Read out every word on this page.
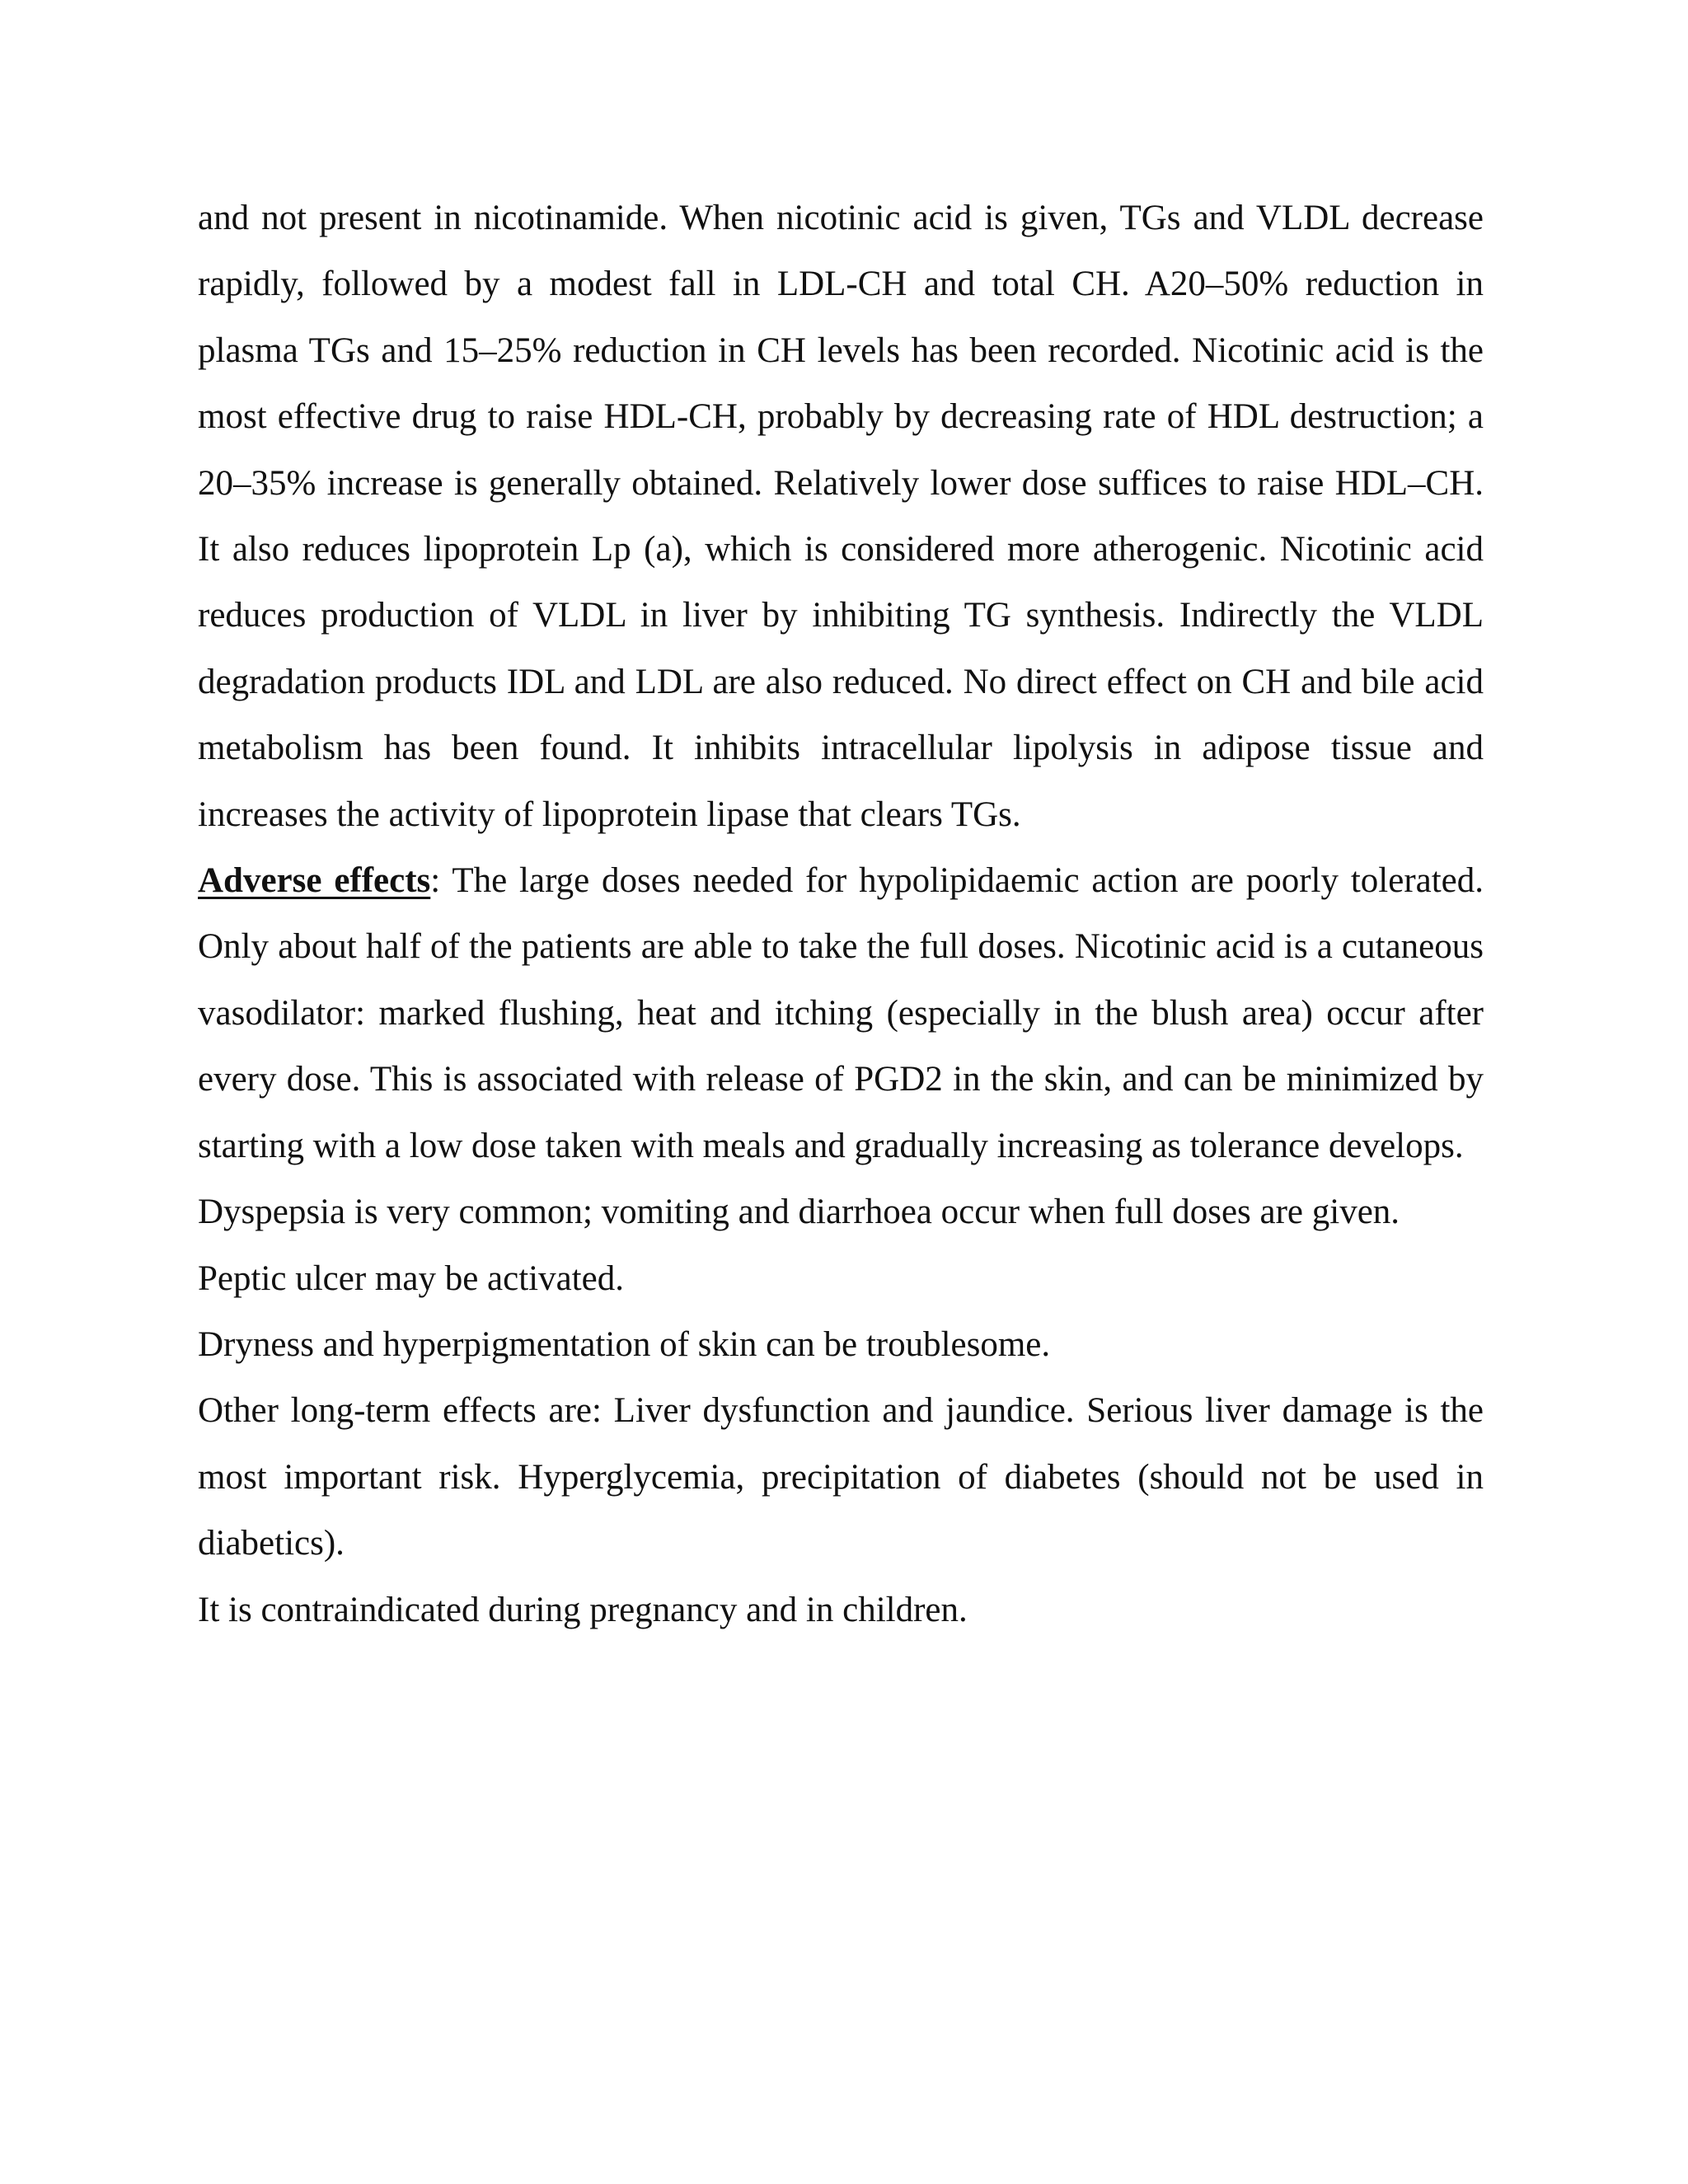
and not present in nicotinamide. When nicotinic acid is given, TGs and VLDL decrease rapidly, followed by a modest fall in LDL-CH and total CH. A20–50% reduction in plasma TGs and 15–25% reduction in CH levels has been recorded. Nicotinic acid is the most effective drug to raise HDL-CH, probably by decreasing rate of HDL destruction; a 20–35% increase is generally obtained. Relatively lower dose suffices to raise HDL–CH. It also reduces lipoprotein Lp (a), which is considered more atherogenic. Nicotinic acid reduces production of VLDL in liver by inhibiting TG synthesis. Indirectly the VLDL degradation products IDL and LDL are also reduced. No direct effect on CH and bile acid metabolism has been found. It inhibits intracellular lipolysis in adipose tissue and increases the activity of lipoprotein lipase that clears TGs.

Adverse effects: The large doses needed for hypolipidaemic action are poorly tolerated. Only about half of the patients are able to take the full doses. Nicotinic acid is a cutaneous vasodilator: marked flushing, heat and itching (especially in the blush area) occur after every dose. This is associated with release of PGD2 in the skin, and can be minimized by starting with a low dose taken with meals and gradually increasing as tolerance develops.

Dyspepsia is very common; vomiting and diarrhoea occur when full doses are given.

Peptic ulcer may be activated.

Dryness and hyperpigmentation of skin can be troublesome.

Other long-term effects are: Liver dysfunction and jaundice. Serious liver damage is the most important risk. Hyperglycemia, precipitation of diabetes (should not be used in diabetics).

It is contraindicated during pregnancy and in children.
